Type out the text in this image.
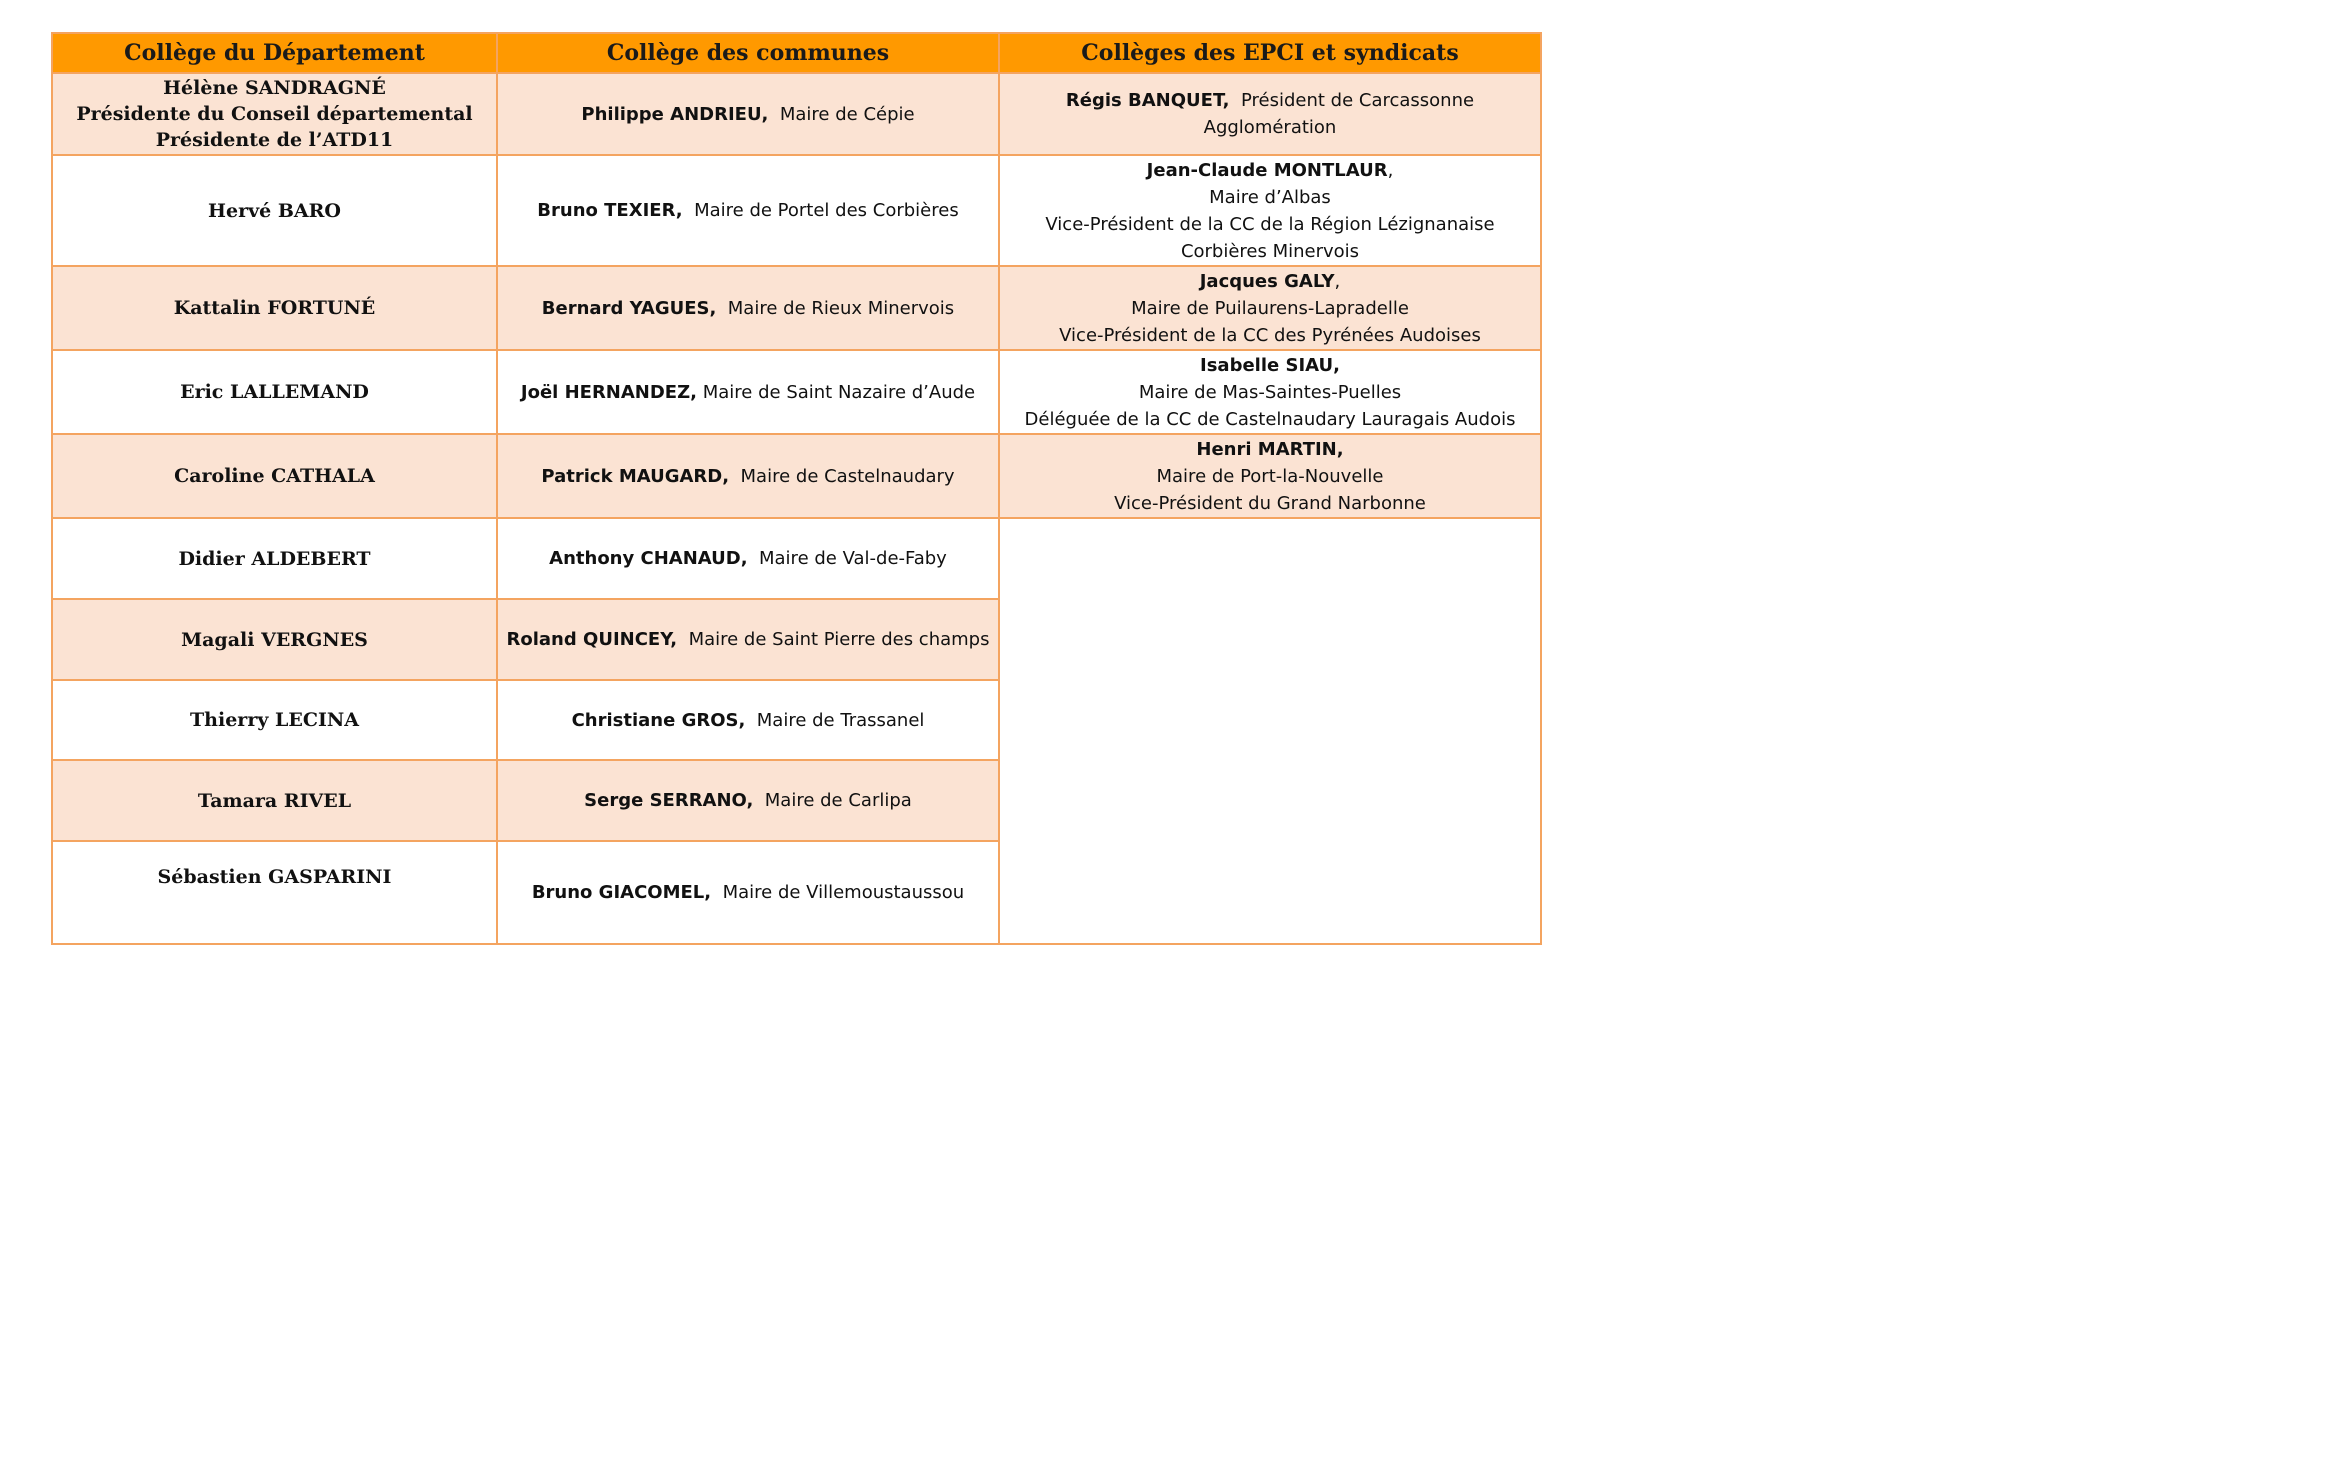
Collège du Département
Hélène SANDRAGNÉ
Présidente du Conseil départemental
Présidente de l’ATD11
Hervé BARO
Kattalin FORTUNÉ
Eric LALLEMAND
Caroline CATHALA
Didier ALDEBERT
Magali VERGNES
Thierry LECINA
Tamara RIVEL
Sébastien GASPARINI
Collège des communes
Philippe ANDRIEU, Maire de Cépie
Bruno TEXIER, Maire de Portel des Corbières
Bernard YAGUES, Maire de Rieux Minervois
Joël HERNANDEZ, Maire de Saint Nazaire d’Aude
Patrick MAUGARD, Maire de Castelnaudary
Anthony CHANAUD, Maire de Val-de-Faby
Roland QUINCEY, Maire de Saint Pierre des champs
Christiane GROS, Maire de Trassanel
Serge SERRANO, Maire de Carlipa
Bruno GIACOMEL, Maire de Villemoustaussou
Collèges des EPCI et syndicats
Régis BANQUET, Président de Carcassonne
Agglomération
Jean-Claude MONTLAUR,
Maire d’Albas
Vice-Président de la CC de la Région Lézignanaise
Corbières Minervois
Jacques GALY,
Maire de Puilaurens-Lapradelle
Vice-Président de la CC des Pyrénées Audoises
Isabelle SIAU,
Maire de Mas-Saintes-Puelles
Déléguée de la CC de Castelnaudary Lauragais Audois
Henri MARTIN,
Maire de Port-la-Nouvelle
Vice-Président du Grand Narbonne
